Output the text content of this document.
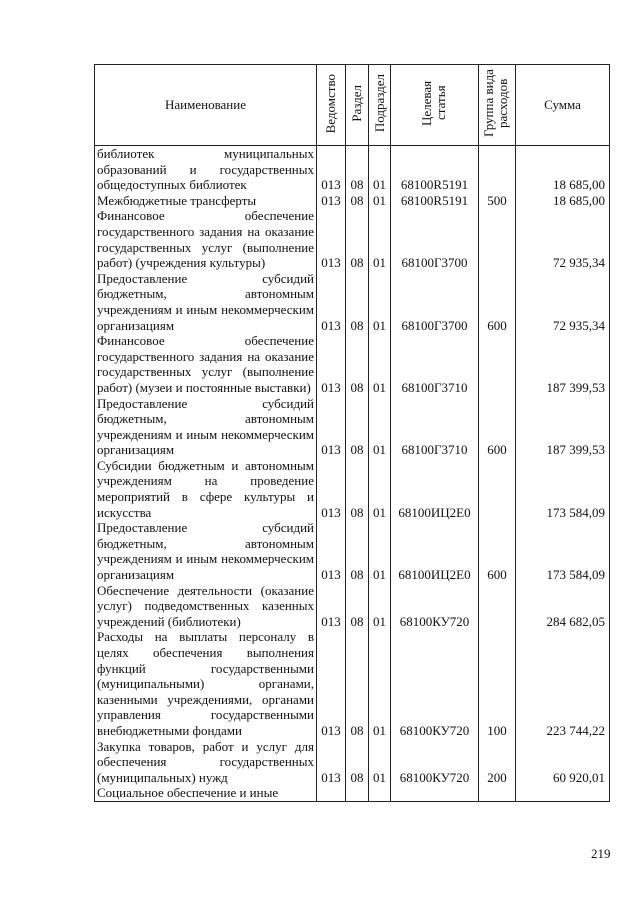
Наименование	Ведомство	Раздел	Подраздел	Целевая статья	Группа вида расходов	Сумма
библиотек муниципальных образований и государственных общедоступных библиотек	013	08	01	68100R5191		18 685,00
Межбюджетные трансферты	013	08	01	68100R5191	500	18 685,00
Финансовое обеспечение государственного задания на оказание государственных услуг (выполнение работ) (учреждения культуры)	013	08	01	68100Г3700		72 935,34
Предоставление субсидий бюджетным, автономным учреждениям и иным некоммерческим организациям	013	08	01	68100Г3700	600	72 935,34
Финансовое обеспечение государственного задания на оказание государственных услуг (выполнение работ) (музеи и постоянные выставки)	013	08	01	68100Г3710		187 399,53
Предоставление субсидий бюджетным, автономным учреждениям и иным некоммерческим организациям	013	08	01	68100Г3710	600	187 399,53
Субсидии бюджетным и автономным учреждениям на проведение мероприятий в сфере культуры и искусства	013	08	01	68100ИЦ2Е0		173 584,09
Предоставление субсидий бюджетным, автономным учреждениям и иным некоммерческим организациям	013	08	01	68100ИЦ2Е0	600	173 584,09
Обеспечение деятельности (оказание услуг) подведомственных казенных учреждений (библиотеки)	013	08	01	68100КУ720		284 682,05
Расходы на выплаты персоналу в целях обеспечения выполнения функций государственными (муниципальными) органами, казенными учреждениями, органами управления государственными внебюджетными фондами	013	08	01	68100КУ720	100	223 744,22
Закупка товаров, работ и услуг для обеспечения государственных (муниципальных) нужд	013	08	01	68100КУ720	200	60 920,01
Социальное обеспечение и иные						
219
